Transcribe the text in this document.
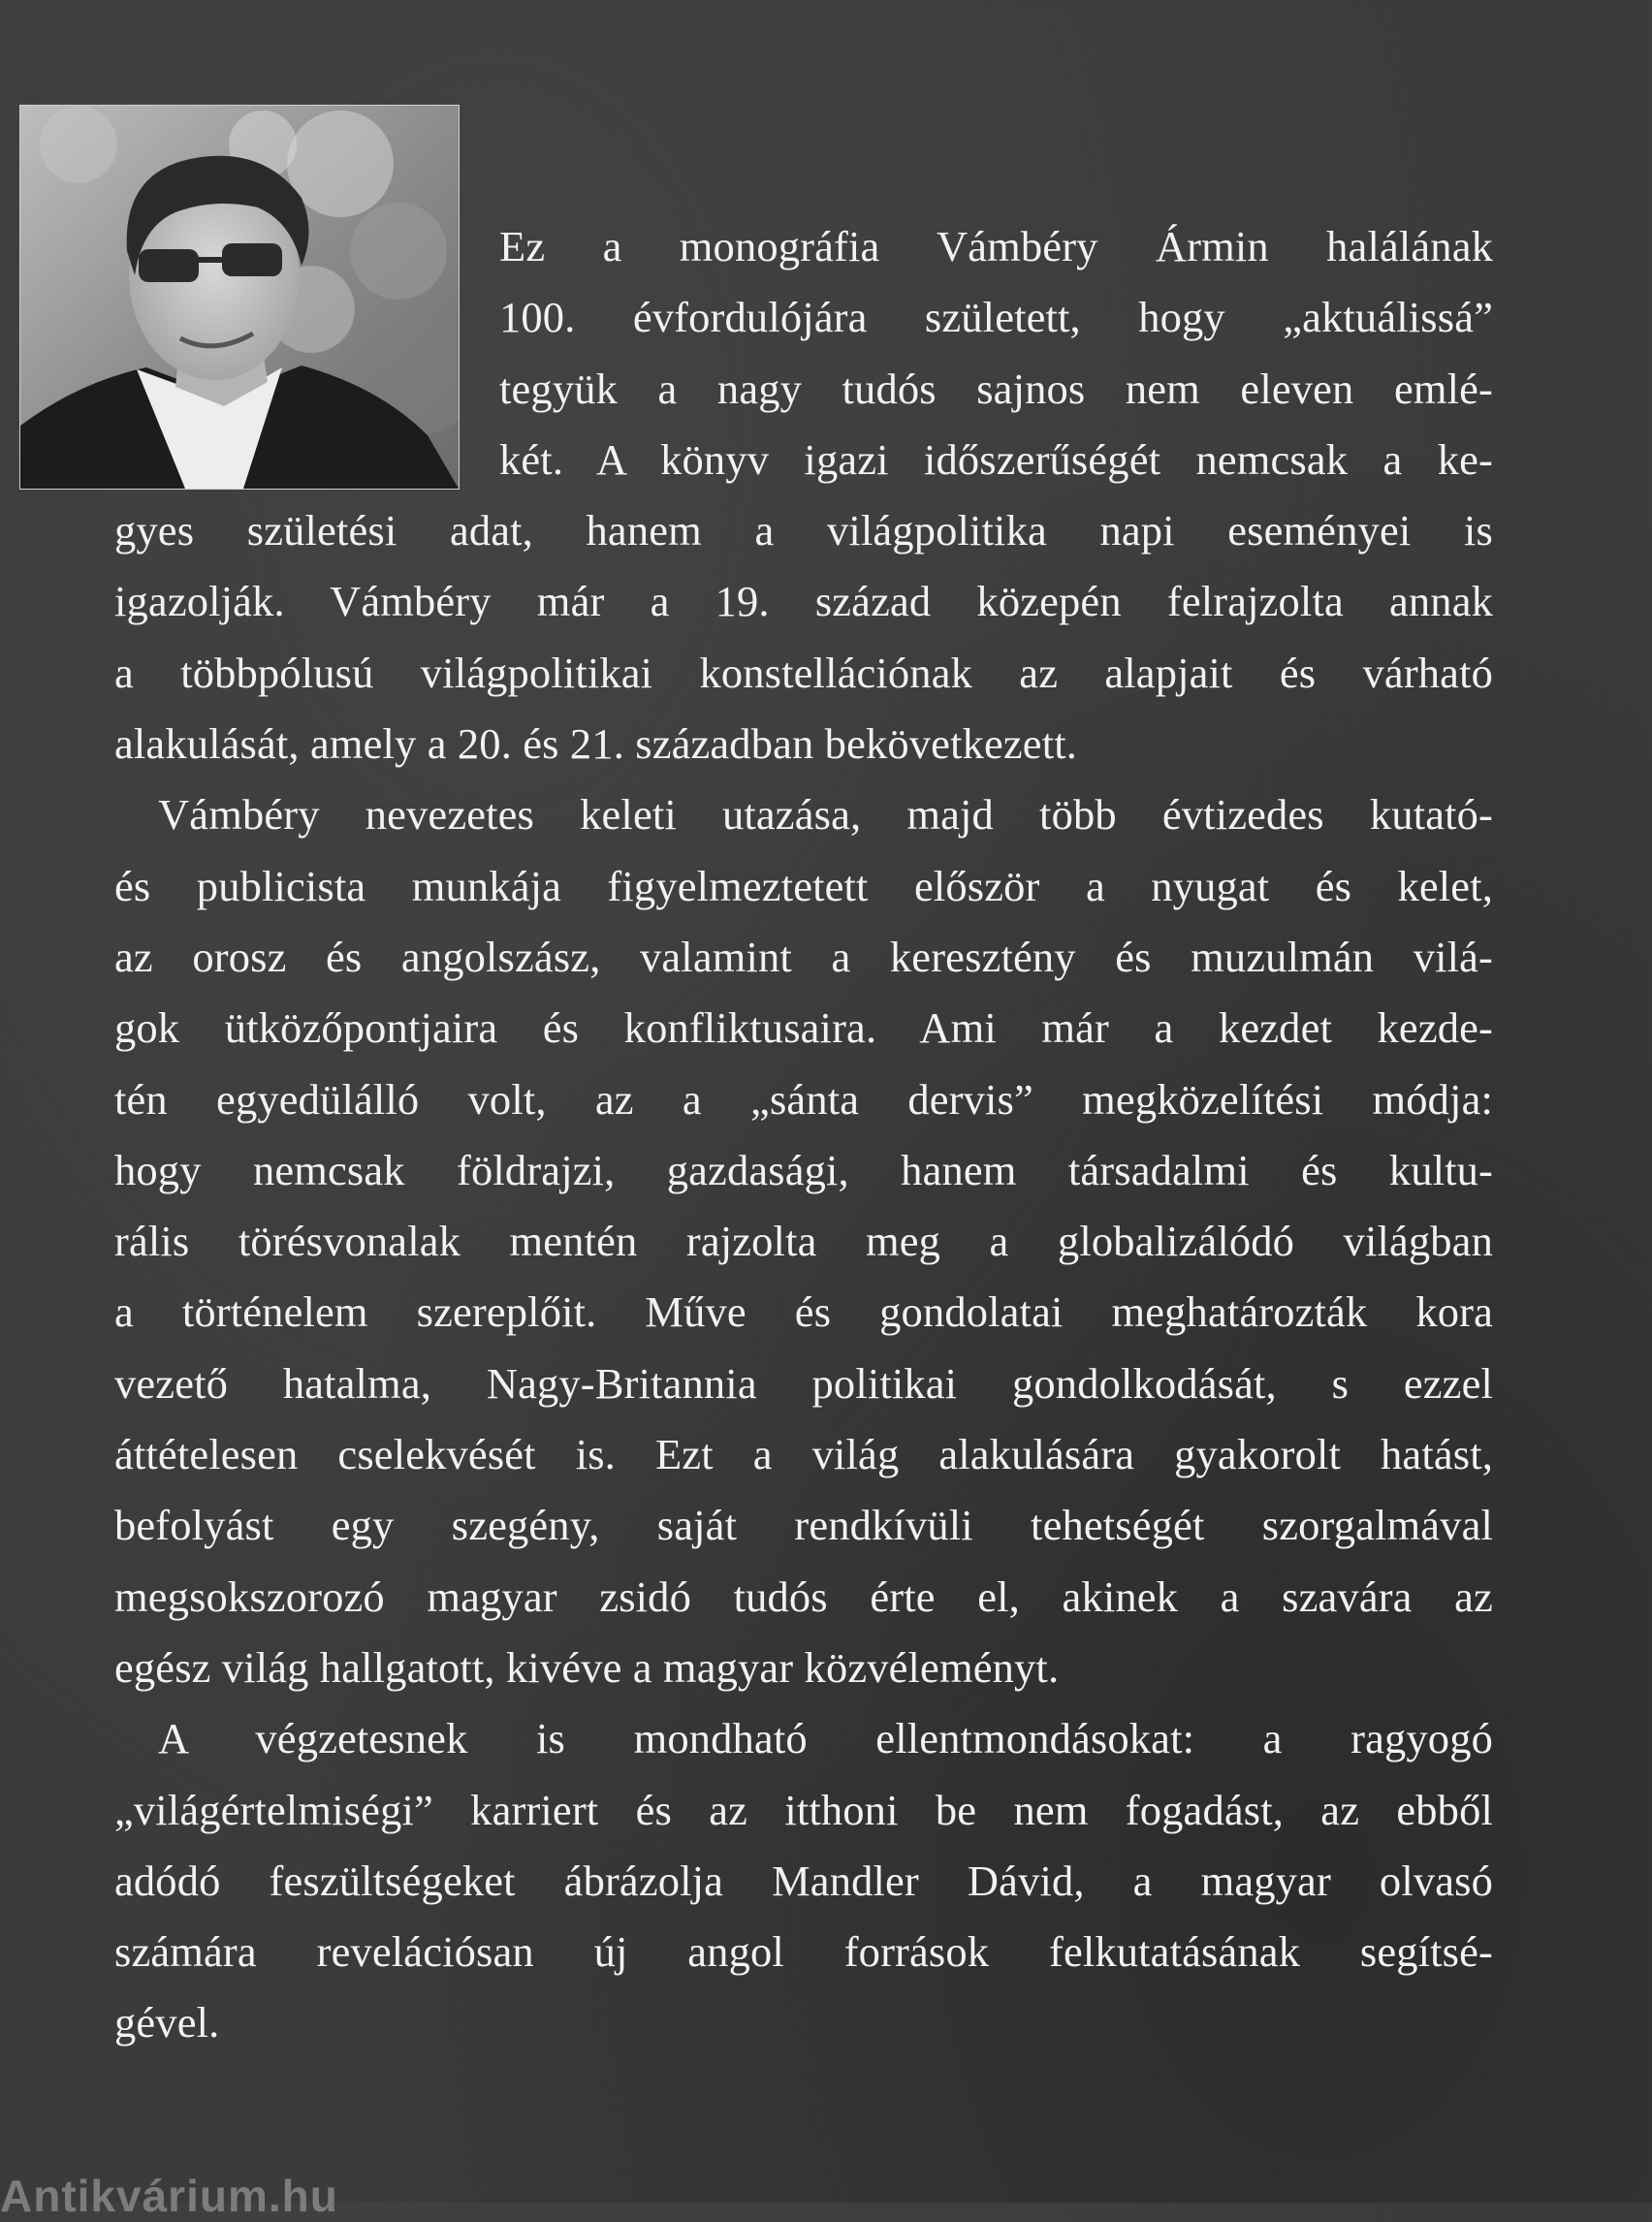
Ez a monográfia Vámbéry Ármin halálának
100. évfordulójára született, hogy „aktuálissá”
tegyük a nagy tudós sajnos nem eleven emlé-
két. A könyv igazi időszerűségét nemcsak a ke-
gyes születési adat, hanem a világpolitika napi eseményei is
igazolják. Vámbéry már a 19. század közepén felrajzolta annak
a többpólusú világpolitikai konstellációnak az alapjait és várható
alakulását, amely a 20. és 21. században bekövetkezett.
Vámbéry nevezetes keleti utazása, majd több évtizedes kutató-
és publicista munkája figyelmeztetett először a nyugat és kelet,
az orosz és angolszász, valamint a keresztény és muzulmán vilá-
gok ütközőpontjaira és konfliktusaira. Ami már a kezdet kezde-
tén egyedülálló volt, az a „sánta dervis” megközelítési módja:
hogy nemcsak földrajzi, gazdasági, hanem társadalmi és kultu-
rális törésvonalak mentén rajzolta meg a globalizálódó világban
a történelem szereplőit. Műve és gondolatai meghatározták kora
vezető hatalma, Nagy-Britannia politikai gondolkodását, s ezzel
áttételesen cselekvését is. Ezt a világ alakulására gyakorolt hatást,
befolyást egy szegény, saját rendkívüli tehetségét szorgalmával
megsokszorozó magyar zsidó tudós érte el, akinek a szavára az
egész világ hallgatott, kivéve a magyar közvéleményt.
A végzetesnek is mondható ellentmondásokat: a ragyogó
„világértelmiségi” karriert és az itthoni be nem fogadást, az ebből
adódó feszültségeket ábrázolja Mandler Dávid, a magyar olvasó
számára revelációsan új angol források felkutatásának segítsé-
gével.
Antikvárium.hu
